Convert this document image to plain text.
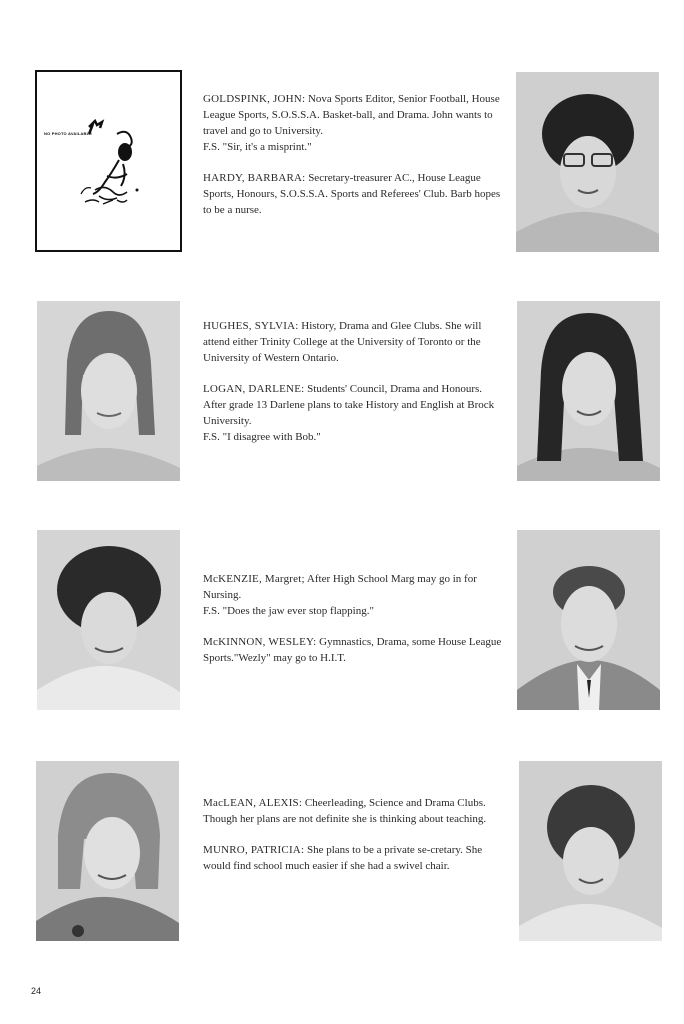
NO PHOTO AVAILABLE

GOLDSPINK, JOHN: Nova Sports Editor, Senior Football, House League Sports, S.O.S.S.A. Basket-ball, and Drama. John wants to travel and go to University.

F.S. "Sir, it's a misprint."

HARDY, BARBARA: Secretary-treasurer AC., House League Sports, Honours, S.O.S.S.A. Sports and Referees' Club. Barb hopes to be a nurse.

HUGHES, SYLVIA: History, Drama and Glee Clubs. She will attend either Trinity College at the University of Toronto or the University of Western Ontario.

LOGAN, DARLENE: Students' Council, Drama and Honours. After grade 13 Darlene plans to take History and English at Brock University.

F.S. "I disagree with Bob."

McKENZIE, Margret; After High School Marg may go in for Nursing.

F.S. "Does the jaw ever stop flapping."

McKINNON, WESLEY: Gymnastics, Drama, some House League Sports."Wezly" may go to H.I.T.

MacLEAN, ALEXIS: Cheerleading, Science and Drama Clubs. Though her plans are not definite she is thinking about teaching.

MUNRO, PATRICIA: She plans to be a private se-cretary. She would find school much easier if she had a swivel chair.

24
